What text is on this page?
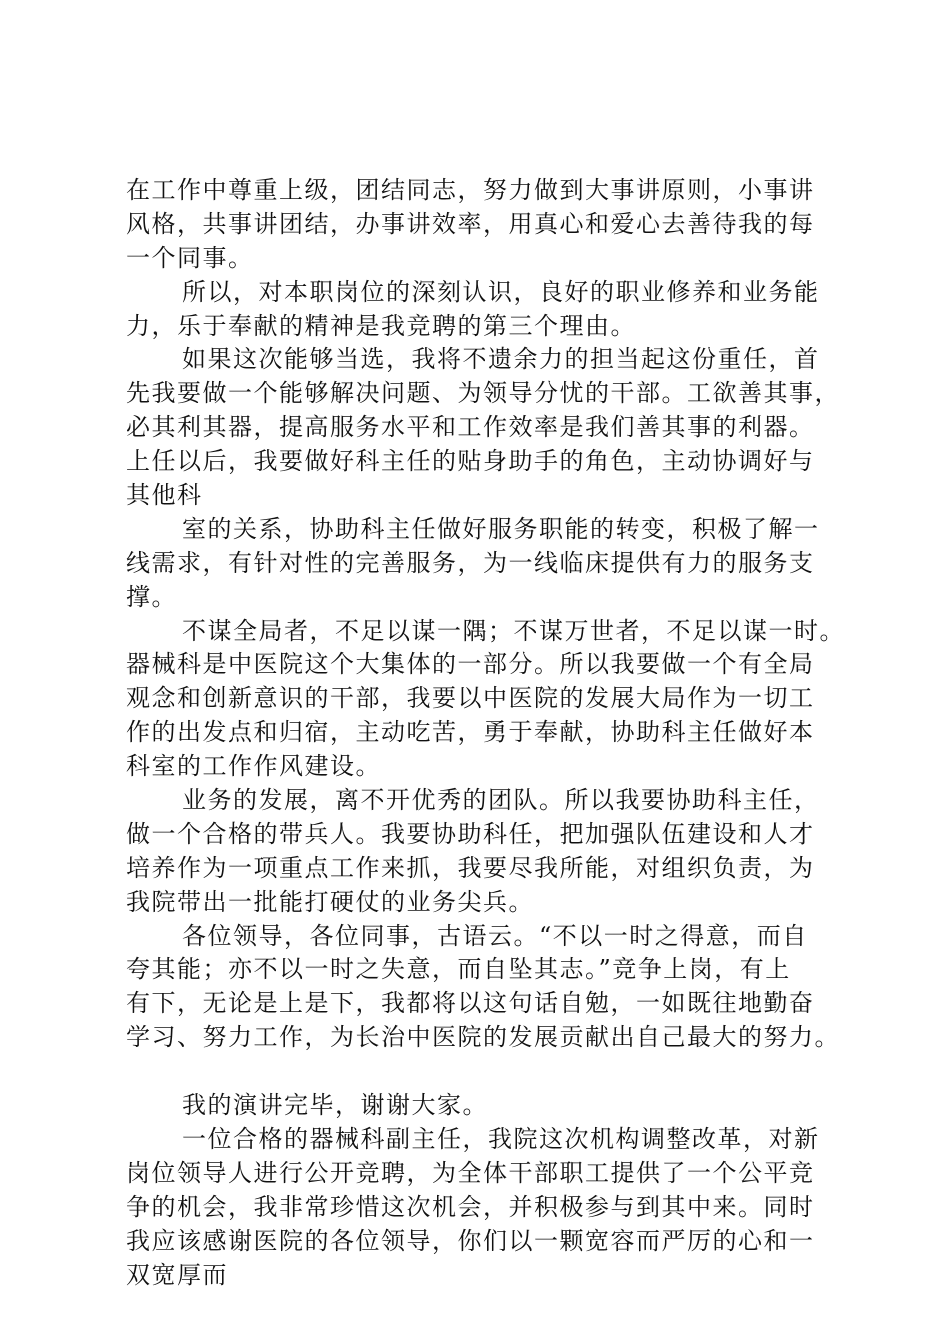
在工作中尊重上级，团结同志，努力做到大事讲原则，小事讲
风格，共事讲团结，办事讲效率，用真心和爱心去善待我的每
一个同事。
所以，对本职岗位的深刻认识，良好的职业修养和业务能
力，乐于奉献的精神是我竞聘的第三个理由。
如果这次能够当选，我将不遗余力的担当起这份重任，首
先我要做一个能够解决问题、为领导分忧的干部。工欲善其事，
必其利其器，提高服务水平和工作效率是我们善其事的利器。
上任以后，我要做好科主任的贴身助手的角色，主动协调好与
其他科
室的关系，协助科主任做好服务职能的转变，积极了解一
线需求，有针对性的完善服务，为一线临床提供有力的服务支
撑。
不谋全局者，不足以谋一隅；不谋万世者，不足以谋一时。
器械科是中医院这个大集体的一部分。所以我要做一个有全局
观念和创新意识的干部，我要以中医院的发展大局作为一切工
作的出发点和归宿，主动吃苦，勇于奉献，协助科主任做好本
科室的工作作风建设。
业务的发展，离不开优秀的团队。所以我要协助科主任，
做一个合格的带兵人。我要协助科任，把加强队伍建设和人才
培养作为一项重点工作来抓，我要尽我所能，对组织负责，为
我院带出一批能打硬仗的业务尖兵。
各位领导，各位同事，古语云。“不以一时之得意，而自
夸其能；亦不以一时之失意，而自坠其志。”竞争上岗，有上
有下，无论是上是下，我都将以这句话自勉，一如既往地勤奋
学习、努力工作，为长治中医院的发展贡献出自己最大的努力。
我的演讲完毕，谢谢大家。
一位合格的器械科副主任，我院这次机构调整改革，对新
岗位领导人进行公开竞聘，为全体干部职工提供了一个公平竞
争的机会，我非常珍惜这次机会，并积极参与到其中来。同时
我应该感谢医院的各位领导，你们以一颗宽容而严厉的心和一
双宽厚而
